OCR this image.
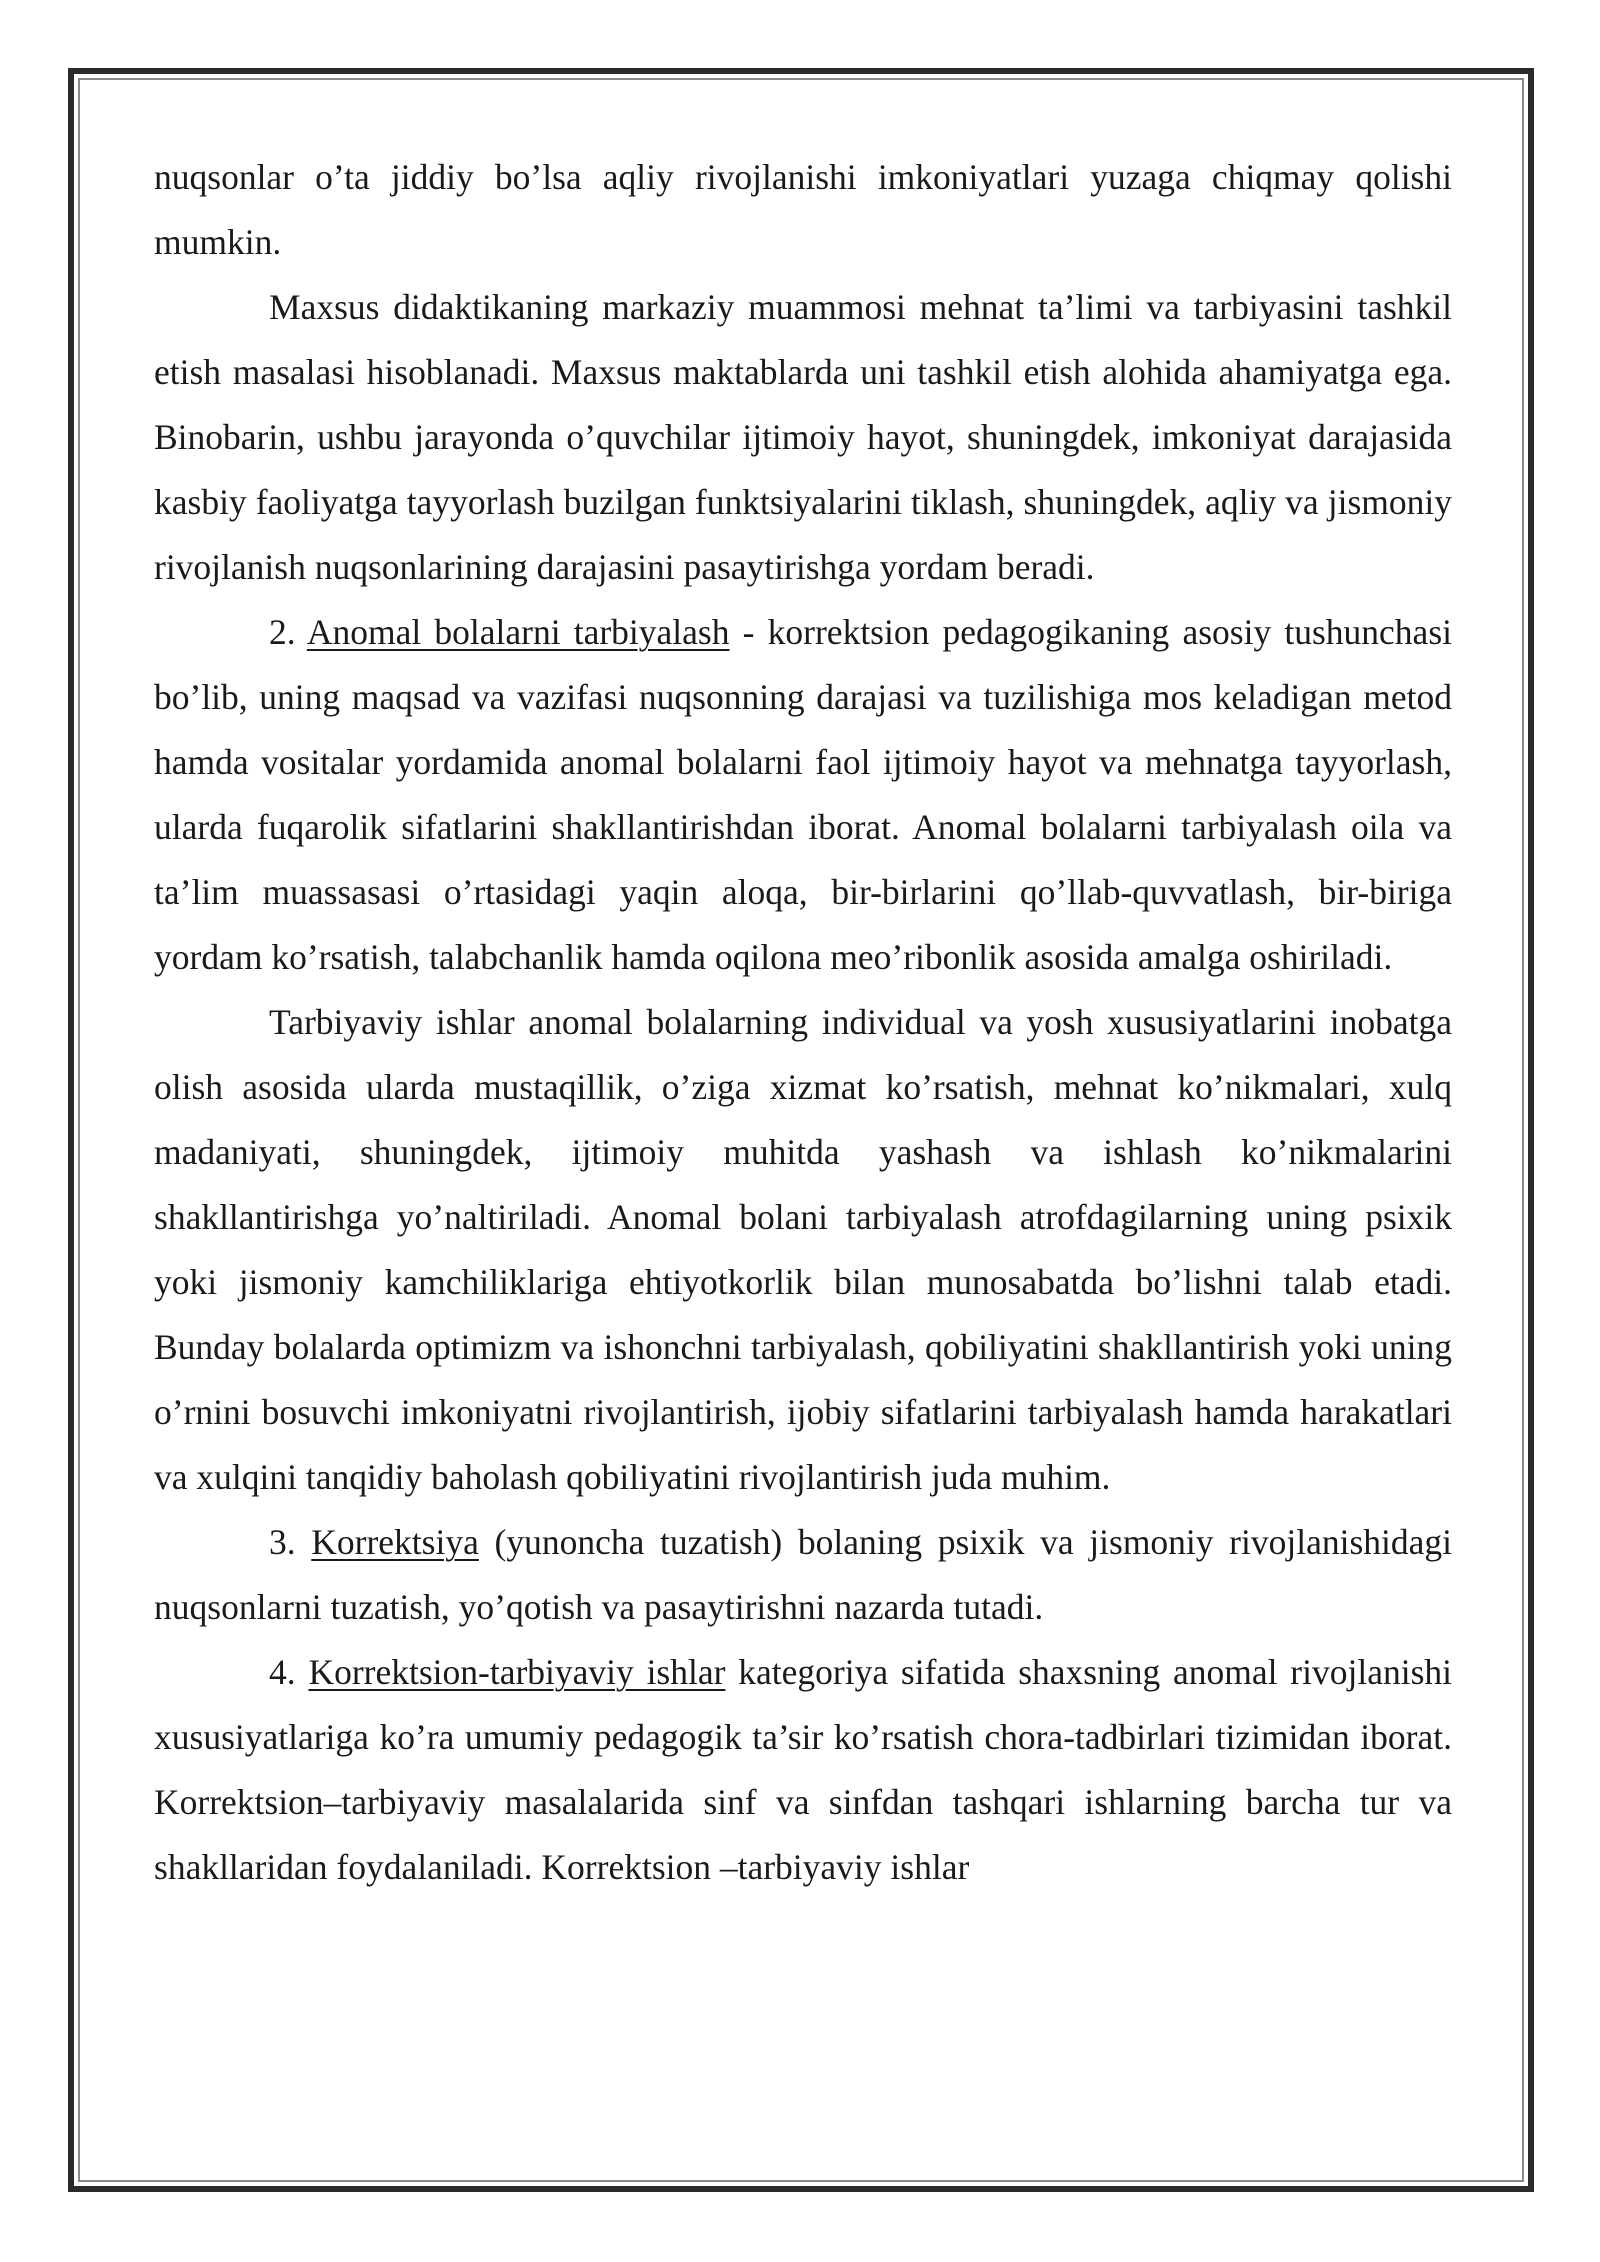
nuqsonlar o’ta jiddiy bo’lsa aqliy rivojlanishi imkoniyatlari yuzaga chiqmay qolishi mumkin.

Maxsus didaktikaning markaziy muammosi mehnat ta’limi va tarbiyasini tashkil etish masalasi hisoblanadi. Maxsus maktablarda uni tashkil etish alohida ahamiyatga ega. Binobarin, ushbu jarayonda o’quvchilar ijtimoiy hayot, shuningdek, imkoniyat darajasida kasbiy faoliyatga tayyorlash buzilgan funktsiyalarini tiklash, shuningdek, aqliy va jismoniy rivojlanish nuqsonlarining darajasini pasaytirishga yordam beradi.

2. Anomal bolalarni tarbiyalash - korrektsion pedagogikaning asosiy tushunchasi bo’lib, uning maqsad va vazifasi nuqsonning darajasi va tuzilishiga mos keladigan metod hamda vositalar yordamida anomal bolalarni faol ijtimoiy hayot va mehnatga tayyorlash, ularda fuqarolik sifatlarini shakllantirishdan iborat. Anomal bolalarni tarbiyalash oila va ta’lim muassasasi o’rtasidagi yaqin aloqa, bir-birlarini qo’llab-quvvatlash, bir-biriga yordam ko’rsatish, talabchanlik hamda oqilona meo’ribonlik asosida amalga oshiriladi.

Tarbiyaviy ishlar anomal bolalarning individual va yosh xususiyatlarini inobatga olish asosida ularda mustaqillik, o’ziga xizmat ko’rsatish, mehnat ko’nikmalari, xulq madaniyati, shuningdek, ijtimoiy muhitda yashash va ishlash ko’nikmalarini shakllantirishga yo’naltiriladi. Anomal bolani tarbiyalash atrofdagilarning uning psixik yoki jismoniy kamchiliklariga ehtiyotkorlik bilan munosabatda bo’lishni talab etadi. Bunday bolalarda optimizm va ishonchni tarbiyalash, qobiliyatini shakllantirish yoki uning o’rnini bosuvchi imkoniyatni rivojlantirish, ijobiy sifatlarini tarbiyalash hamda harakatlari va xulqini tanqidiy baholash qobiliyatini rivojlantirish juda muhim.

3. Korrektsiya (yunoncha tuzatish) bolaning psixik va jismoniy rivojlanishidagi nuqsonlarni tuzatish, yo’qotish va pasaytirishni nazarda tutadi.

4. Korrektsion-tarbiyaviy ishlar kategoriya sifatida shaxsning anomal rivojlanishi xususiyatlariga ko’ra umumiy pedagogik ta’sir ko’rsatish chora-tadbirlari tizimidan iborat. Korrektsion–tarbiyaviy masalalarida sinf va sinfdan tashqari ishlarning barcha tur va shakllaridan foydalaniladi. Korrektsion –tarbiyaviy ishlar
